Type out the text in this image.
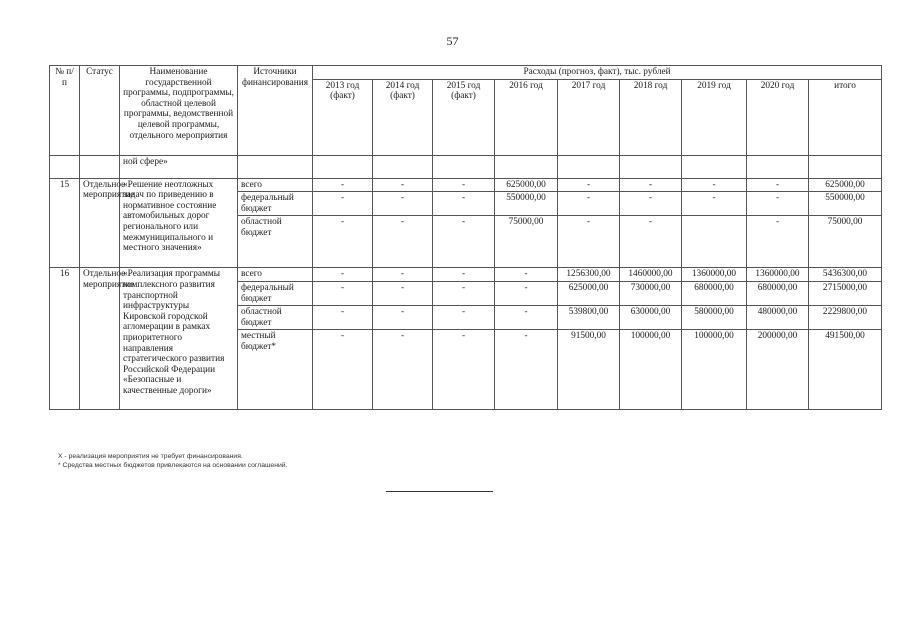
57
№ п/п	Статус	Наименование государственной программы, подпрограммы, областной целевой программы, ведомственной целевой программы, отдельного мероприятия	Источники финансирования	Расходы (прогноз, факт), тыс. рублей								
				2013 год (факт)	2014 год (факт)	2015 год (факт)	2016 год	2017 год	2018 год	2019 год	2020 год	итого
		ной сфере»										
15	Отдельное мероприятие	«Решение неотложных задач по приведению в нормативное состояние автомобильных дорог регионального или межмуниципального и местного значения»	всего	-	-	-	625000,00	-	-	-	-	625000,00
			федеральный бюджет	-	-	-	550000,00	-	-	-	-	550000,00
			областной бюджет	-	-	-	75000,00	-	-		-	75000,00
16	Отдельное мероприятие	«Реализация программы комплексного развития транспортной инфраструктуры Кировской городской агломерации в рамках приоритетного направления стратегического развития Российской Федерации «Безопасные и качественные дороги»	всего	-	-	-	-	1256300,00	1460000,00	1360000,00	1360000,00	5436300,00
			федеральный бюджет	-	-	-	-	625000,00	730000,00	680000,00	680000,00	2715000,00
			областной бюджет	-	-	-	-	539800,00	630000,00	580000,00	480000,00	2229800,00
			местный бюджет*	-	-	-	-	91500,00	100000,00	100000,00	200000,00	491500,00
Х - реализация мероприятия не требует финансирования.
* Средства местных бюджетов привлекаются на основании соглашений.
